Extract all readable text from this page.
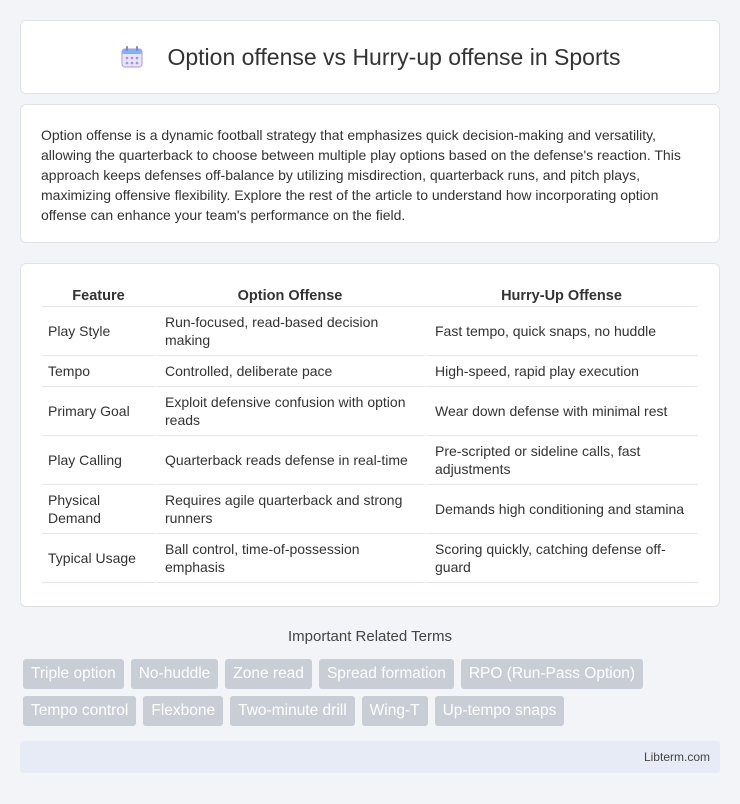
Option offense vs Hurry-up offense in Sports

Option offense is a dynamic football strategy that emphasizes quick decision-making and versatility, allowing the quarterback to choose between multiple play options based on the defense's reaction. This approach keeps defenses off-balance by utilizing misdirection, quarterback runs, and pitch plays, maximizing offensive flexibility. Explore the rest of the article to understand how incorporating option offense can enhance your team's performance on the field.

Feature	Option Offense	Hurry-Up Offense
Play Style	Run-focused, read-based decision making	Fast tempo, quick snaps, no huddle
Tempo	Controlled, deliberate pace	High-speed, rapid play execution
Primary Goal	Exploit defensive confusion with option reads	Wear down defense with minimal rest
Play Calling	Quarterback reads defense in real-time	Pre-scripted or sideline calls, fast adjustments
Physical Demand	Requires agile quarterback and strong runners	Demands high conditioning and stamina
Typical Usage	Ball control, time-of-possession emphasis	Scoring quickly, catching defense off-guard
Important Related Terms
Triple option	No-huddle	Zone read	Spread formation	RPO (Run-Pass Option)
Tempo control	Flexbone	Two-minute drill	Wing-T	Up-tempo snaps
Libterm.com
